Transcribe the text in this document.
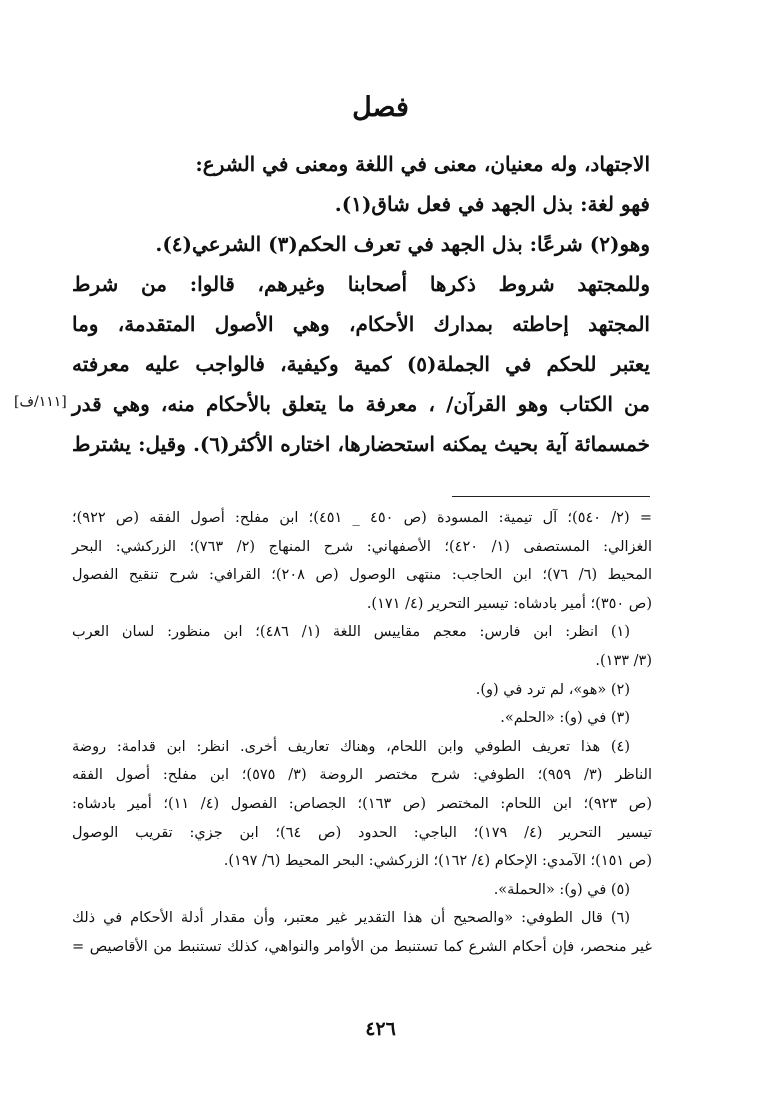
فصل

الاجتهاد، وله معنيان، معنى في اللغة ومعنى في الشرع:

فهو لغة: بذل الجهد في فعل شاق(١).

وهو(٢) شرعًا: بذل الجهد في تعرف الحكم(٣) الشرعي(٤).

وللمجتهد شروط ذكرها أصحابنا وغيرهم، قالوا: من شرط

المجتهد إحاطته بمدارك الأحكام، وهي الأصول المتقدمة، وما

يعتبر للحكم في الجملة(٥) كمية وكيفية، فالواجب عليه معرفته

من الكتاب وهو القرآن/ ، معرفة ما يتعلق بالأحكام منه، وهي قدر

خمسمائة آية بحيث يمكنه استحضارها، اختاره الأكثر(٦). وقيل: يشترط

[١١١/ف]

= (٢/ ٥٤٠)؛ آل تيمية: المسودة (ص ٤٥٠ _ ٤٥١)؛ ابن مفلح: أصول الفقه (ص ٩٢٢)؛

الغزالي: المستصفى (١/ ٤٢٠)؛ الأصفهاني: شرح المنهاج (٢/ ٧٦٣)؛ الزركشي: البحر

المحيط (٦/ ٧٦)؛ ابن الحاجب: منتهى الوصول (ص ٢٠٨)؛ القرافي: شرح تنقيح الفصول

(ص ٣٥٠)؛ أمير بادشاه: تيسير التحرير (٤/ ١٧١).

(١) انظر: ابن فارس: معجم مقاييس اللغة (١/ ٤٨٦)؛ ابن منظور: لسان العرب

(٣/ ١٣٣).

(٢) «هو»، لم ترد في (و).

(٣) في (و): «الحلم».

(٤) هذا تعريف الطوفي وابن اللحام، وهناك تعاريف أخرى. انظر: ابن قدامة: روضة

الناظر (٣/ ٩٥٩)؛ الطوفي: شرح مختصر الروضة (٣/ ٥٧٥)؛ ابن مفلح: أصول الفقه

(ص ٩٢٣)؛ ابن اللحام: المختصر (ص ١٦٣)؛ الجصاص: الفصول (٤/ ١١)؛ أمير بادشاه:

تيسير التحرير (٤/ ١٧٩)؛ الباجي: الحدود (ص ٦٤)؛ ابن جزي: تقريب الوصول

(ص ١٥١)؛ الآمدي: الإحكام (٤/ ١٦٢)؛ الزركشي: البحر المحيط (٦/ ١٩٧).

(٥) في (و): «الحملة».

(٦) قال الطوفي: «والصحيح أن هذا التقدير غير معتبر، وأن مقدار أدلة الأحكام في ذلك

غير منحصر، فإن أحكام الشرع كما تستنبط من الأوامر والنواهي، كذلك تستنبط من الأقاصيص =

٤٢٦
